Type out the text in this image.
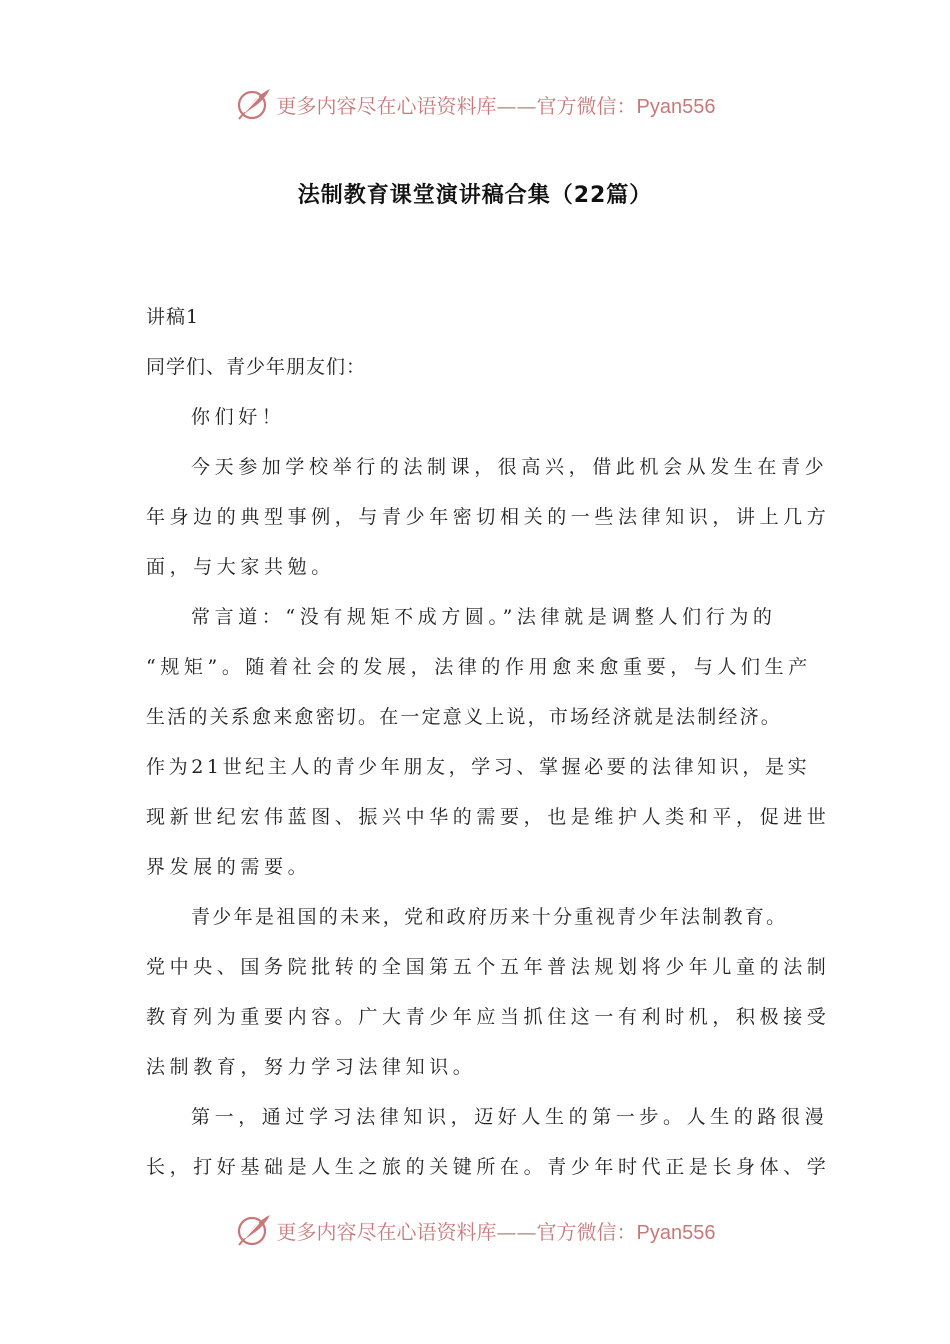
更多内容尽在心语资料库——官方微信：Pyan556
法制教育课堂演讲稿合集（22篇）
讲稿1
同学们、青少年朋友们：
你们好！
今天参加学校举行的法制课，很高兴，借此机会从发生在青少
年身边的典型事例，与青少年密切相关的一些法律知识，讲上几方
面，与大家共勉。
常言道：“没有规矩不成方圆。”法律就是调整人们行为的
“规矩”。随着社会的发展，法律的作用愈来愈重要，与人们生产
生活的关系愈来愈密切。在一定意义上说，市场经济就是法制经济。
作为21世纪主人的青少年朋友，学习、掌握必要的法律知识，是实
现新世纪宏伟蓝图、振兴中华的需要，也是维护人类和平，促进世
界发展的需要。
青少年是祖国的未来，党和政府历来十分重视青少年法制教育。
党中央、国务院批转的全国第五个五年普法规划将少年儿童的法制
教育列为重要内容。广大青少年应当抓住这一有利时机，积极接受
法制教育，努力学习法律知识。
第一，通过学习法律知识，迈好人生的第一步。人生的路很漫
长，打好基础是人生之旅的关键所在。青少年时代正是长身体、学
更多内容尽在心语资料库——官方微信：Pyan556
